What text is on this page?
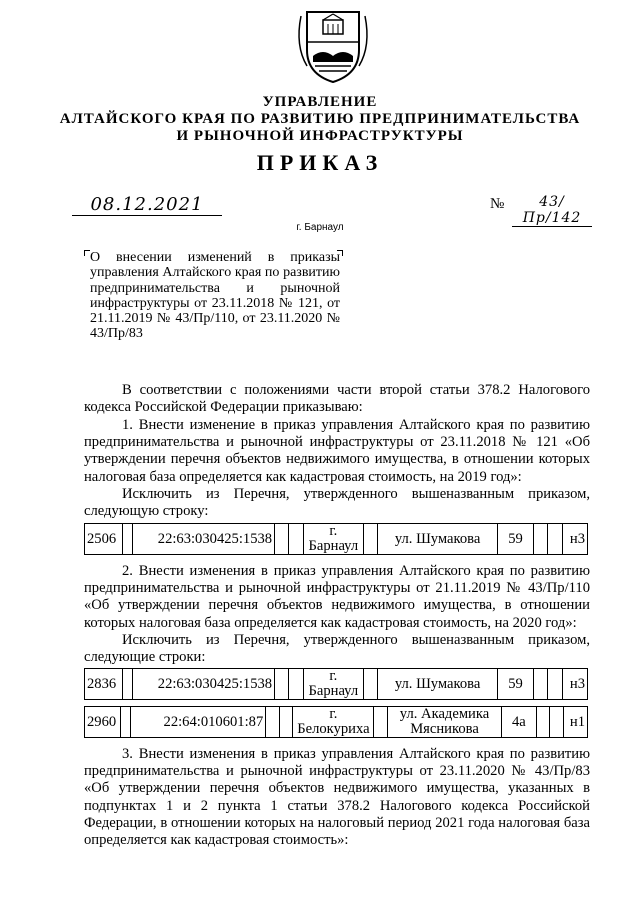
УПРАВЛЕНИЕ
АЛТАЙСКОГО КРАЯ ПО РАЗВИТИЮ ПРЕДПРИНИМАТЕЛЬСТВА
И РЫНОЧНОЙ ИНФРАСТРУКТУРЫ
ПРИКАЗ
08.12.2021	№	43/Пр/142
г. Барнаул
О внесении изменений в приказы управления Алтайского края по развитию предпринимательства и рыночной инфраструктуры от 23.11.2018 № 121, от 21.11.2019 № 43/Пр/110, от 23.11.2020 № 43/Пр/83
В соответствии с положениями части второй статьи 378.2 Налогового кодекса Российской Федерации приказываю:
1. Внести изменение в приказ управления Алтайского края по развитию предпринимательства и рыночной инфраструктуры от 23.11.2018 № 121 «Об утверждении перечня объектов недвижимого имущества, в отношении которых налоговая база определяется как кадастровая стоимость, на 2019 год»:
Исключить из Перечня, утвержденного вышеназванным приказом, следующую строку:
2506		22:63:030425:1538			г. Барнаул		ул. Шумакова	59			н3
2. Внести изменения в приказ управления Алтайского края по развитию предпринимательства и рыночной инфраструктуры от 21.11.2019 № 43/Пр/110 «Об утверждении перечня объектов недвижимого имущества, в отношении которых налоговая база определяется как кадастровая стоимость, на 2020 год»:
Исключить из Перечня, утвержденного вышеназванным приказом, следующие строки:
2836		22:63:030425:1538			г. Барнаул		ул. Шумакова	59			н3
2960		22:64:010601:87			г. Белокуриха		ул. Академика Мясникова	4а			н1
3. Внести изменения в приказ управления Алтайского края по развитию предпринимательства и рыночной инфраструктуры от 23.11.2020 № 43/Пр/83 «Об утверждении перечня объектов недвижимого имущества, указанных в подпунктах 1 и 2 пункта 1 статьи 378.2 Налогового кодекса Российской Федерации, в отношении которых на налоговый период 2021 года налоговая база определяется как кадастровая стоимость»:
